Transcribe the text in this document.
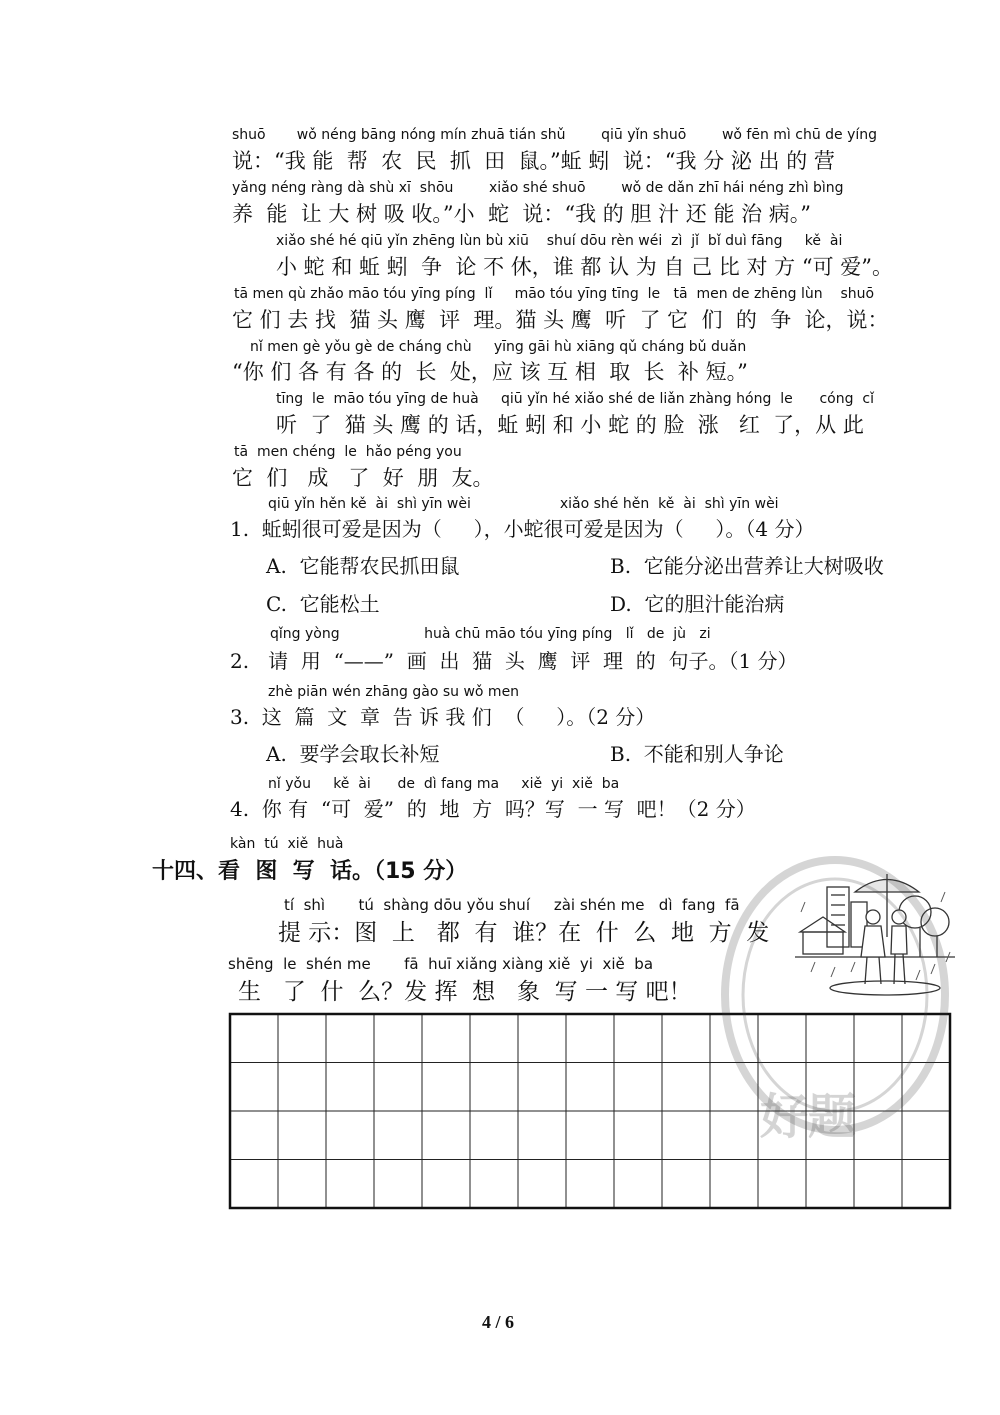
shuō       wǒ néng bāng nóng mín zhuā tián shǔ        qiū yǐn shuō        wǒ fēn mì chū de yíng
说：“我 能  帮  农  民  抓  田  鼠。”蚯 蚓  说：“我 分 泌 出 的 营
yǎng néng ràng dà shù xī  shōu        xiǎo shé shuō        wǒ de dǎn zhī hái néng zhì bìng
养  能  让 大 树 吸 收。”小  蛇  说：“我 的 胆 汁 还 能 治 病。”
xiǎo shé hé qiū yǐn zhēng lùn bù xiū    shuí dōu rèn wéi  zì  jǐ  bǐ duì fāng     kě  ài
小 蛇 和 蚯 蚓  争  论 不 休，谁 都 认 为 自 己 比 对 方 “可 爱”。
tā men qù zhǎo māo tóu yīng píng  lǐ     māo tóu yīng tīng  le   tā  men de zhēng lùn    shuō
它 们 去 找  猫 头 鹰  评  理。猫 头 鹰  听  了 它  们  的  争  论，说：
nǐ men gè yǒu gè de cháng chù     yīng gāi hù xiāng qǔ cháng bǔ duǎn
“你 们 各 有 各 的  长  处，应 该 互 相  取  长  补 短。”
tīng  le  māo tóu yīng de huà     qiū yǐn hé xiǎo shé de liǎn zhàng hóng  le      cóng  cǐ
听  了  猫 头 鹰 的 话，蚯 蚓 和 小 蛇 的 脸  涨   红  了，从 此
tā  men chéng  le  hǎo péng you
它  们   成   了  好  朋  友。
qiū yǐn hěn kě  ài  shì yīn wèi                    xiǎo shé hěn  kě  ài  shì yīn wèi
1.  蚯蚓很可爱是因为（     ），小蛇很可爱是因为（     ）。（4 分）
A.  它能帮农民抓田鼠	B.  它能分泌出营养让大树吸收
C.  它能松土	D.  它的胆汁能治病
qǐng yòng                   huà chū māo tóu yīng píng   lǐ   de  jù   zi
2.   请  用  “——”  画  出  猫  头  鹰  评  理  的  句子。（1 分）
zhè piān wén zhāng gào su wǒ men
3.  这  篇  文  章  告 诉 我 们  （     ）。（2 分）
A.  要学会取长补短	B.  不能和别人争论
nǐ yǒu     kě  ài      de  dì fang ma     xiě  yi  xiě  ba
4.  你 有  “可  爱”  的  地  方  吗？写  一 写  吧！（2 分）
kàn  tú  xiě  huà
十四、看  图  写  话。（15 分）
tí  shì       tú  shàng dōu yǒu shuí     zài shén me   dì  fang  fā
提 示：图  上   都  有  谁？在  什  么  地  方  发
shēng  le  shén me       fā  huī xiǎng xiàng xiě  yi  xiě  ba
生   了  什  么？发 挥  想   象  写 一 写 吧！
好题
4 / 6
